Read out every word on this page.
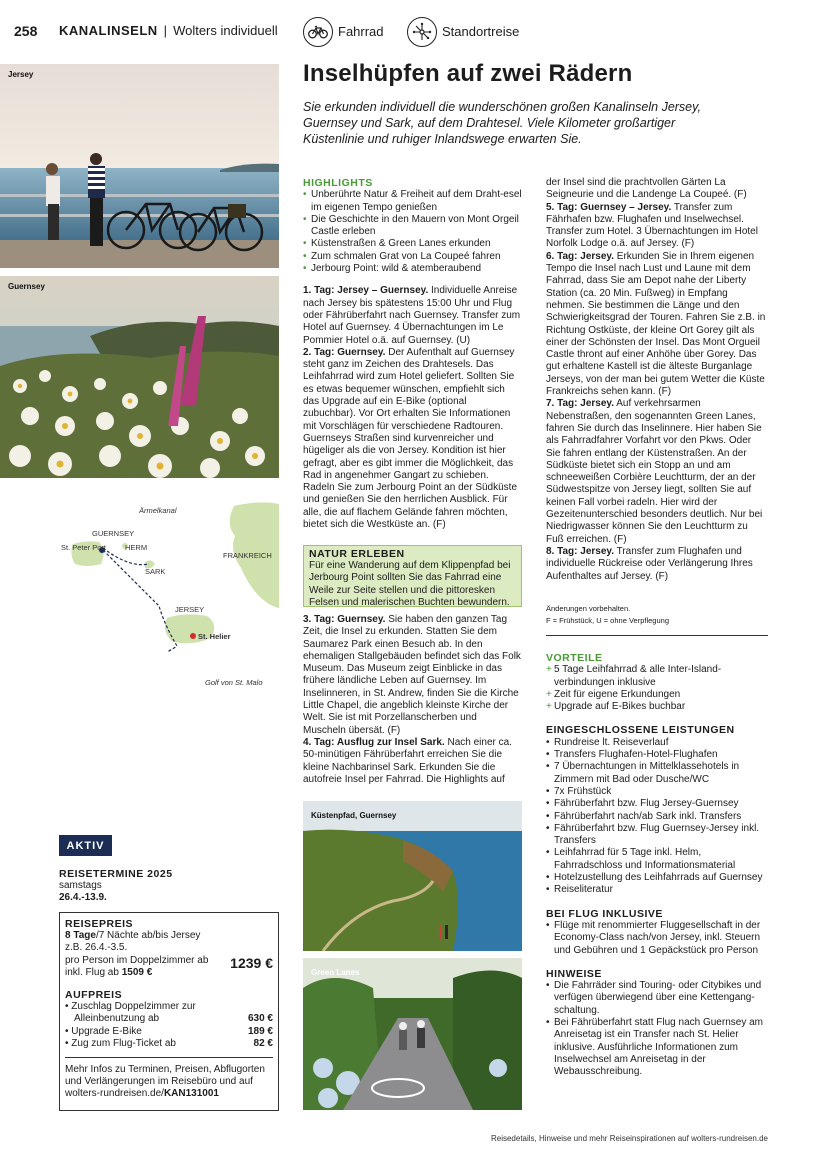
258 KANALINSELN | Wolters individuell	Fahrrad	Standortreise
Jersey
Guernsey
Ärmelkanal
GUERNSEY
St. Peter Port	HERM
SARK
FRANKREICH
JERSEY
St. Helier
Golf von St. Malo
Inselhüpfen auf zwei Rädern
Sie erkunden individuell die wunderschönen großen Kanalinseln Jersey, Guernsey und Sark, auf dem Drahtesel. Viele Kilometer großartiger Küstenlinie und ruhiger Inlandswege erwarten Sie.
HIGHLIGHTS
• Unberührte Natur & Freiheit auf dem Draht-esel im eigenen Tempo genießen
• Die Geschichte in den Mauern von Mont Orgeil Castle erleben
• Küstenstraßen & Green Lanes erkunden
• Zum schmalen Grat von La Coupeé fahren
• Jerbourg Point: wild & atemberaubend

1. Tag: Jersey – Guernsey. Individuelle Anreise nach Jersey bis spätestens 15:00 Uhr und Flug oder Fährüberfahrt nach Guernsey. Transfer zum Hotel auf Guernsey. 4 Übernachtungen im Le Pommier Hotel o.ä. auf Guernsey. (U)

2. Tag: Guernsey. Der Aufenthalt auf Guernsey steht ganz im Zeichen des Drahtesels. Das Leihfahrrad wird zum Hotel geliefert. Sollten Sie es etwas bequemer wünschen, empfiehlt sich das Upgrade auf ein E-Bike (optional zubuchbar). Vor Ort erhalten Sie Informationen mit Vorschlägen für verschiedene Radtouren. Guernseys Straßen sind kurvenreicher und hügeliger als die von Jersey. Kondition ist hier gefragt, aber es gibt immer die Möglichkeit, das Rad in angenehmer Gangart zu schieben. Radeln Sie zum Jerbourg Point an der Südküste und genießen Sie den herrlichen Ausblick. Für alle, die auf flachem Gelände fahren möchten, bietet sich die Westküste an. (F)

NATUR ERLEBEN
Für eine Wanderung auf dem Klippenpfad bei Jerbourg Point sollten Sie das Fahrrad eine Weile zur Seite stellen und die pittoresken Felsen und malerischen Buchten bewundern.

3. Tag: Guernsey. Sie haben den ganzen Tag Zeit, die Insel zu erkunden. Statten Sie dem Saumarez Park einen Besuch ab. In den ehemaligen Stallgebäuden befindet sich das Folk Museum. Das Museum zeigt Einblicke in das frühere ländliche Leben auf Guernsey. Im Inselinneren, in St. Andrew, finden Sie die Kirche Little Chapel, die angeblich kleinste Kirche der Welt. Sie ist mit Porzellanscherben und Muscheln übersät. (F)

4. Tag: Ausflug zur Insel Sark. Nach einer ca. 50-minütigen Fährüberfahrt erreichen Sie die kleine Nachbarinsel Sark. Erkunden Sie die autofreie Insel per Fahrrad. Die Highlights auf

Küstenpfad, Guernsey
Green Lanes

der Insel sind die prachtvollen Gärten La Seigneurie und die Landenge La Coupeé. (F)

5. Tag: Guernsey – Jersey. Transfer zum Fährhafen bzw. Flughafen und Inselwechsel. Transfer zum Hotel. 3 Übernachtungen im Hotel Norfolk Lodge o.ä. auf Jersey. (F)

6. Tag: Jersey. Erkunden Sie in Ihrem eigenen Tempo die Insel nach Lust und Laune mit dem Fahrrad, dass Sie am Depot nahe der Liberty Station (ca. 20 Min. Fußweg) in Empfang nehmen. Sie bestimmen die Länge und den Schwierigkeitsgrad der Touren. Fahren Sie z.B. in Richtung Ostküste, der kleine Ort Gorey gilt als einer der Schönsten der Insel. Das Mont Orgueil Castle thront auf einer Anhöhe über Gorey. Das gut erhaltene Kastell ist die älteste Burganlage Jerseys, von der man bei gutem Wetter die Küste Frankreichs sehen kann. (F)

7. Tag: Jersey. Auf verkehrsarmen Nebenstraßen, den sogenannten Green Lanes, fahren Sie durch das Inselinnere. Hier haben Sie als Fahrradfahrer Vorfahrt vor den Pkws. Oder Sie fahren entlang der Küstenstraßen. An der Südküste bietet sich ein Stopp an und am schneeweißen Corbière Leuchtturm, der an der Südwestspitze von Jersey liegt, sollten Sie auf keinen Fall vorbei radeln. Hier wird der Gezeitenunterschied besonders deutlich. Nur bei Niedrigwasser können Sie den Leuchtturm zu Fuß erreichen. (F)

8. Tag: Jersey. Transfer zum Flughafen und individuelle Rückreise oder Verlängerung Ihres Aufenthaltes auf Jersey. (F)

Änderungen vorbehalten.
F = Frühstück, U = ohne Verpflegung
VORTEILE
+ 5 Tage Leihfahrrad & alle Inter-Island-verbindungen inklusive
+ Zeit für eigene Erkundungen
+ Upgrade auf E-Bikes buchbar
EINGESCHLOSSENE LEISTUNGEN
• Rundreise lt. Reiseverlauf
• Transfers Flughafen-Hotel-Flughafen
• 7 Übernachtungen in Mittelklassehotels in Zimmern mit Bad oder Dusche/WC
• 7x Frühstück
• Fährüberfahrt bzw. Flug Jersey-Guernsey
• Fährüberfahrt nach/ab Sark inkl. Transfers
• Fährüberfahrt bzw. Flug Guernsey-Jersey inkl. Transfers
• Leihfahrrad für 5 Tage inkl. Helm, Fahrradschloss und Informationsmaterial
• Hotelzustellung des Leihfahrrads auf Guernsey
• Reiseliteratur
BEI FLUG INKLUSIVE
• Flüge mit renommierter Fluggesellschaft in der Economy-Class nach/von Jersey, inkl. Steuern und Gebühren und 1 Gepäckstück pro Person
HINWEISE
• Die Fahrräder sind Touring- oder Citybikes und verfügen überwiegend über eine Kettengang-schaltung.
• Bei Fährüberfahrt statt Flug nach Guernsey am Anreisetag ist ein Transfer nach St. Helier inklusive. Ausführliche Informationen zum Inselwechsel am Anreisetag in der Webausschreibung.
AKTIV
REISETERMINE 2025
samstags
26.4.-13.9.
REISEPREIS
8 Tage/7 Nächte ab/bis Jersey
z.B. 26.4.-3.5.
pro Person im Doppelzimmer ab
inkl. Flug ab 1509 €
1239 €
AUFPREIS
• Zuschlag Doppelzimmer zur
Alleinbenutzung ab	630 €
• Upgrade E-Bike	189 €
• Zug zum Flug-Ticket ab	82 €
Mehr Infos zu Terminen, Preisen, Abflugorten und Verlängerungen im Reisebüro und auf wolters-rundreisen.de/KAN131001
Reisedetails, Hinweise und mehr Reiseinspirationen auf wolters-rundreisen.de
